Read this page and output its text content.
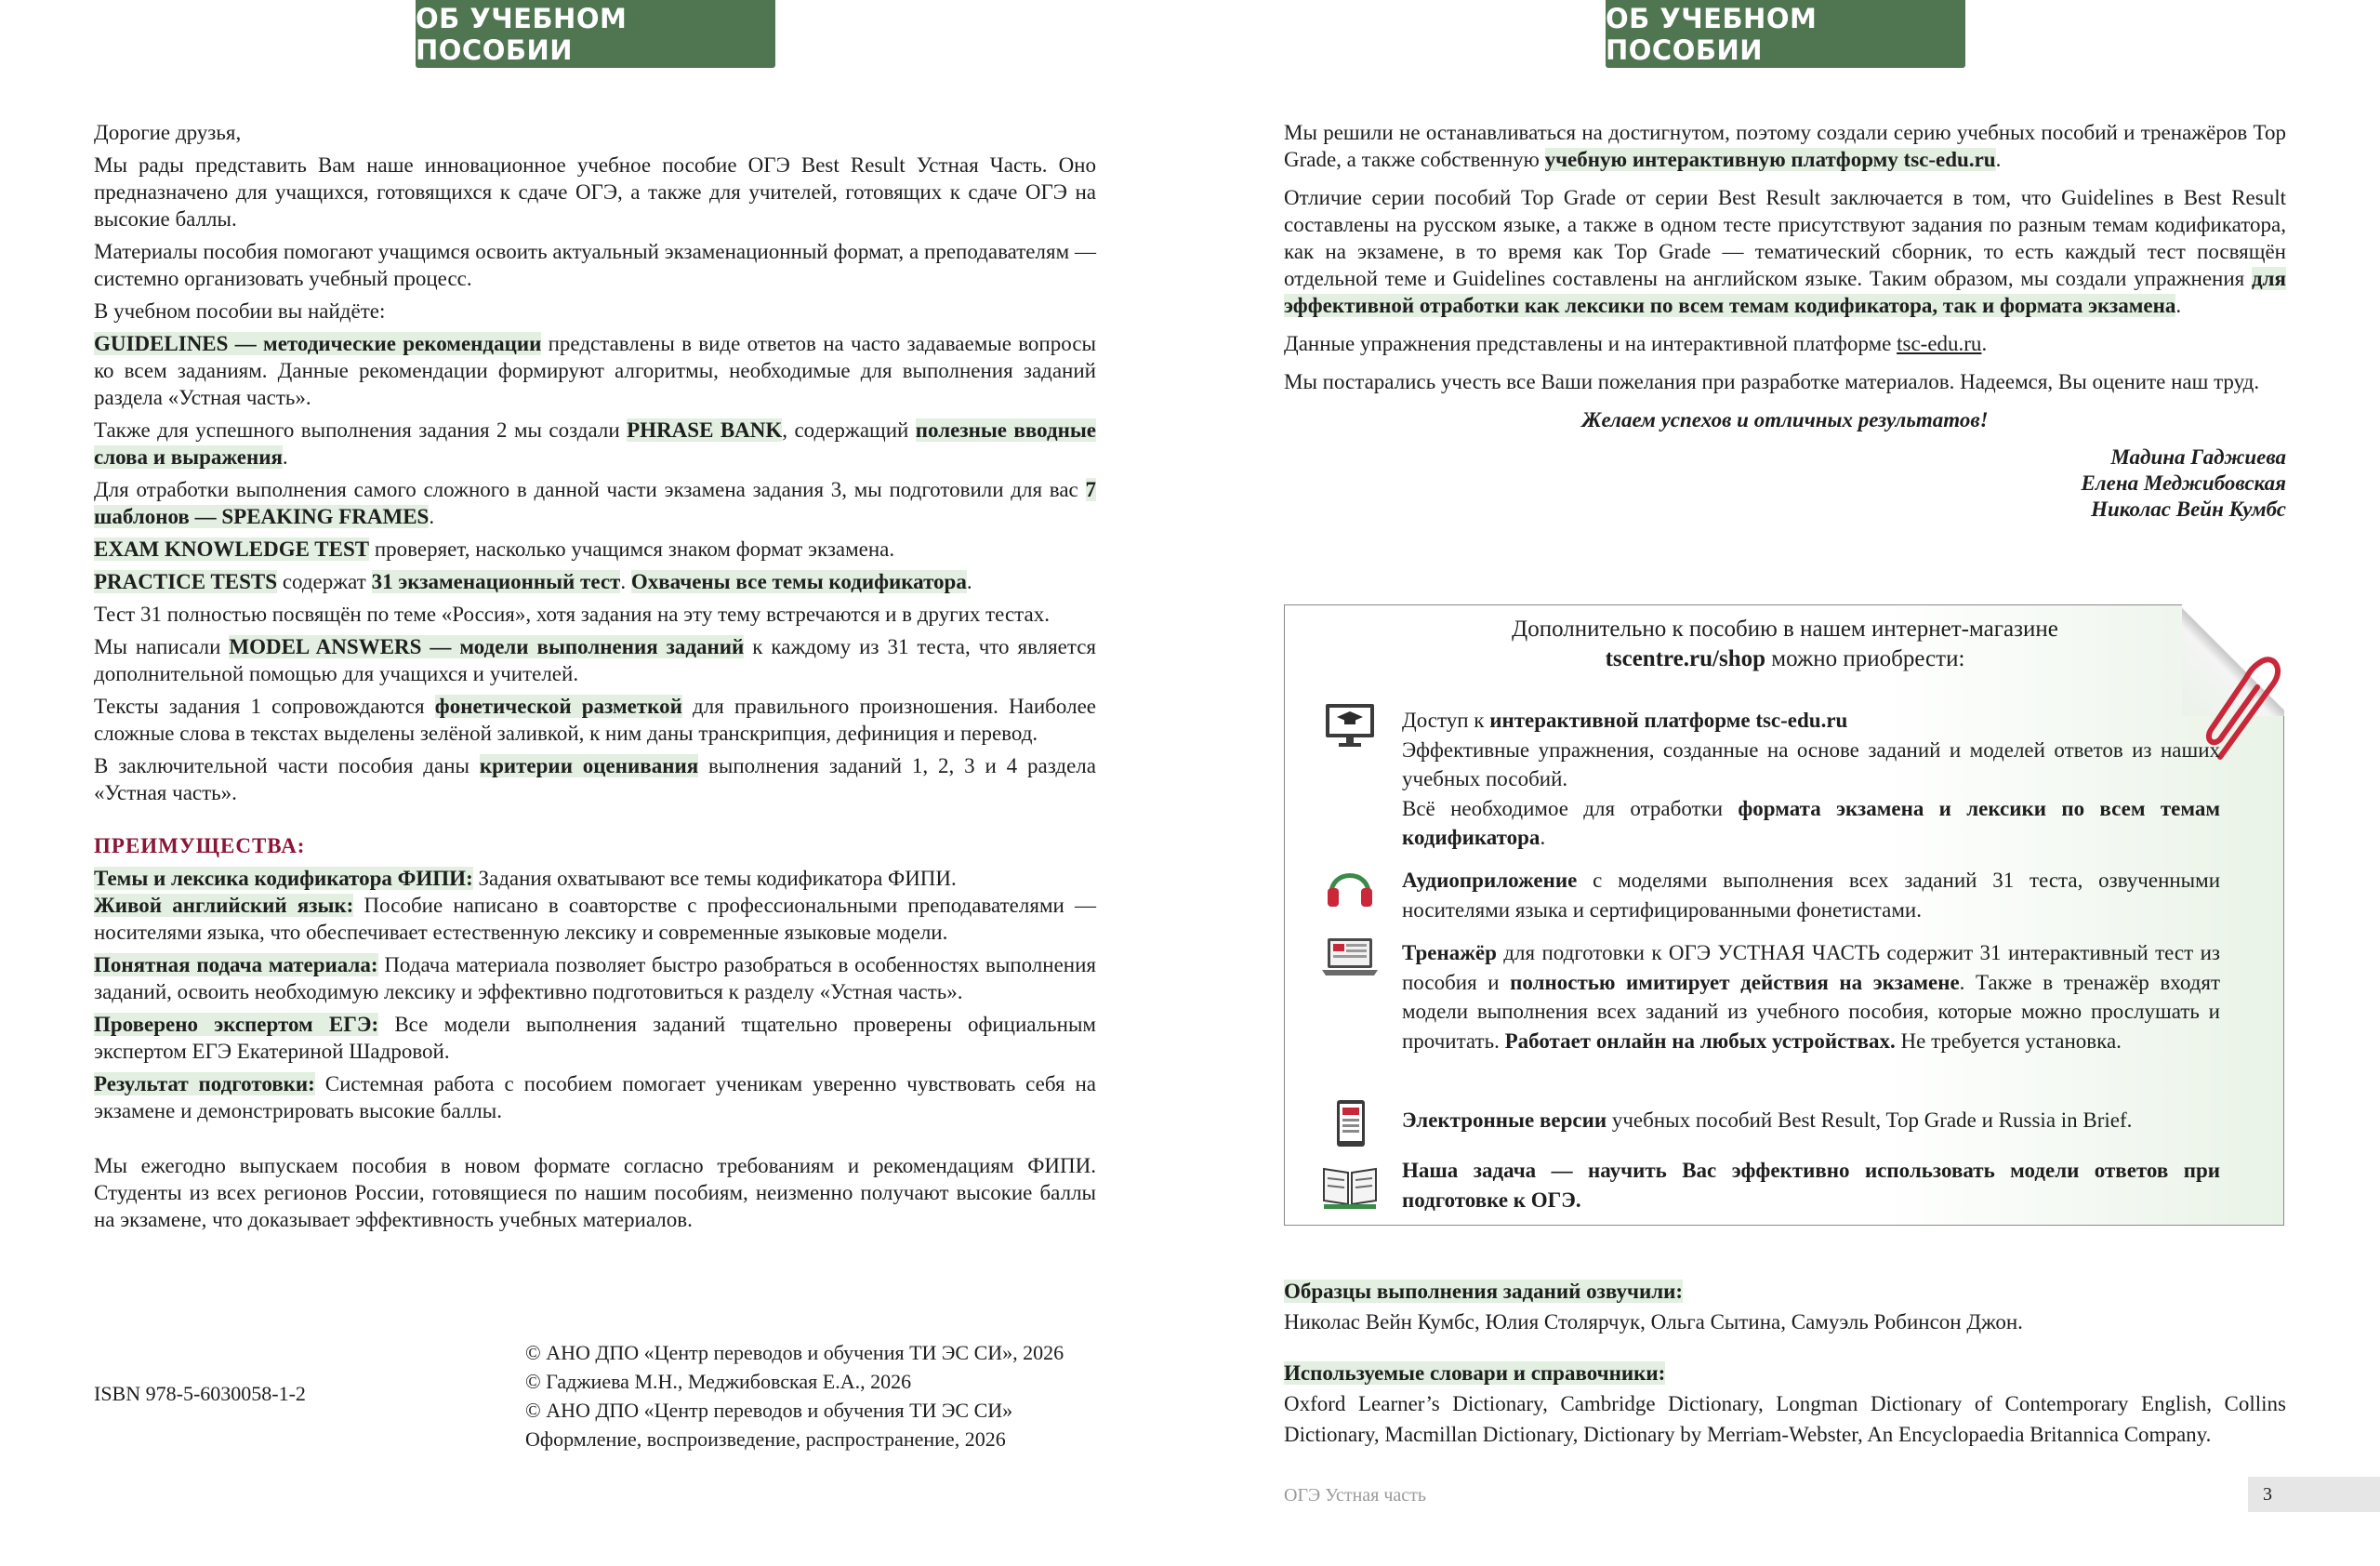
ОБ УЧЕБНОМ ПОСОБИИ

Дорогие друзья,

Мы рады представить Вам наше инновационное учебное пособие ОГЭ Best Result Устная Часть. Оно предназначено для учащихся, готовящихся к сдаче ОГЭ, а также для учителей, готовящих к сдаче ОГЭ на высокие баллы.

Материалы пособия помогают учащимся освоить актуальный экзаменационный формат, а преподавателям — системно организовать учебный процесс.

В учебном пособии вы найдёте:

GUIDELINES — методические рекомендации представлены в виде ответов на часто задаваемые вопросы ко всем заданиям. Данные рекомендации формируют алгоритмы, необходимые для выполнения заданий раздела «Устная часть».

Также для успешного выполнения задания 2 мы создали PHRASE BANK, содержащий полезные вводные слова и выражения.

Для отработки выполнения самого сложного в данной части экзамена задания 3, мы подготовили для вас 7 шаблонов — SPEAKING FRAMES.

EXAM KNOWLEDGE TEST проверяет, насколько учащимся знаком формат экзамена.

PRACTICE TESTS содержат 31 экзаменационный тест. Охвачены все темы кодификатора.

Тест 31 полностью посвящён по теме «Россия», хотя задания на эту тему встречаются и в других тестах.

Мы написали MODEL ANSWERS — модели выполнения заданий к каждому из 31 теста, что является дополнительной помощью для учащихся и учителей.

Тексты задания 1 сопровождаются фонетической разметкой для правильного произношения. Наиболее сложные слова в текстах выделены зелёной заливкой, к ним даны транскрипция, дефиниция и перевод.

В заключительной части пособия даны критерии оценивания выполнения заданий 1, 2, 3 и 4 раздела «Устная часть».

ПРЕИМУЩЕСТВА:

Темы и лексика кодификатора ФИПИ: Задания охватывают все темы кодификатора ФИПИ.

Живой английский язык: Пособие написано в соавторстве с профессиональными преподавателями — носителями языка, что обеспечивает естественную лексику и современные языковые модели.

Понятная подача материала: Подача материала позволяет быстро разобраться в особенностях выполнения заданий, освоить необходимую лексику и эффективно подготовиться к разделу «Устная часть».

Проверено экспертом ЕГЭ: Все модели выполнения заданий тщательно проверены официальным экспертом ЕГЭ Екатериной Шадровой.

Результат подготовки: Системная работа с пособием помогает ученикам уверенно чувствовать себя на экзамене и демонстрировать высокие баллы.

Мы ежегодно выпускаем пособия в новом формате согласно требованиям и рекомендациям ФИПИ. Студенты из всех регионов России, готовящиеся по нашим пособиям, неизменно получают высокие баллы на экзамене, что доказывает эффективность учебных материалов.

ISBN 978-5-6030058-1-2
© АНО ДПО «Центр переводов и обучения ТИ ЭС СИ», 2026
© Гаджиева М.Н., Меджибовская Е.А., 2026
© АНО ДПО «Центр переводов и обучения ТИ ЭС СИ»
Оформление, воспроизведение, распространение, 2026
ОБ УЧЕБНОМ ПОСОБИИ

Мы решили не останавливаться на достигнутом, поэтому создали серию учебных пособий и тренажёров Top Grade, а также собственную учебную интерактивную платформу tsc-edu.ru.

Отличие серии пособий Top Grade от серии Best Result заключается в том, что Guidelines в Best Result составлены на русском языке, а также в одном тесте присутствуют задания по разным темам кодификатора, как на экзамене, в то время как Top Grade — тематический сборник, то есть каждый тест посвящён отдельной теме и Guidelines составлены на английском языке. Таким образом, мы создали упражнения для эффективной отработки как лексики по всем темам кодификатора, так и формата экзамена.

Данные упражнения представлены и на интерактивной платформе tsc-edu.ru.

Мы постарались учесть все Ваши пожелания при разработке материалов. Надеемся, Вы оцените наш труд.

Желаем успехов и отличных результатов!

Мадина Гаджиева

Елена Меджибовская

Николас Вейн Кумбс

Дополнительно к пособию в нашем интернет-магазине
tscentre.ru/shop можно приобрести:

Доступ к интерактивной платформе tsc-edu.ru

Эффективные упражнения, созданные на основе заданий и моделей ответов из наших учебных пособий.

Всё необходимое для отработки формата экзамена и лексики по всем темам кодификатора.

Аудиоприложение с моделями выполнения всех заданий 31 теста, озвученными носителями языка и сертифицированными фонетистами.

Тренажёр для подготовки к ОГЭ УСТНАЯ ЧАСТЬ содержит 31 интерактивный тест из пособия и полностью имитирует действия на экзамене. Также в тренажёр входят модели выполнения всех заданий из учебного пособия, которые можно прослушать и прочитать. Работает онлайн на любых устройствах. Не требуется установка.

Электронные версии учебных пособий Best Result, Top Grade и Russia in Brief.

Наша задача — научить Вас эффективно использовать модели ответов при подготовке к ОГЭ.

Образцы выполнения заданий озвучили:

Николас Вейн Кумбс, Юлия Столярчук, Ольга Сытина, Самуэль Робинсон Джон.

Используемые словари и справочники:

Oxford Learner’s Dictionary, Cambridge Dictionary, Longman Dictionary of Contemporary English, Collins Dictionary, Macmillan Dictionary, Dictionary by Merriam-Webster, An Encyclopaedia Britannica Company.

ОГЭ Устная часть	3
